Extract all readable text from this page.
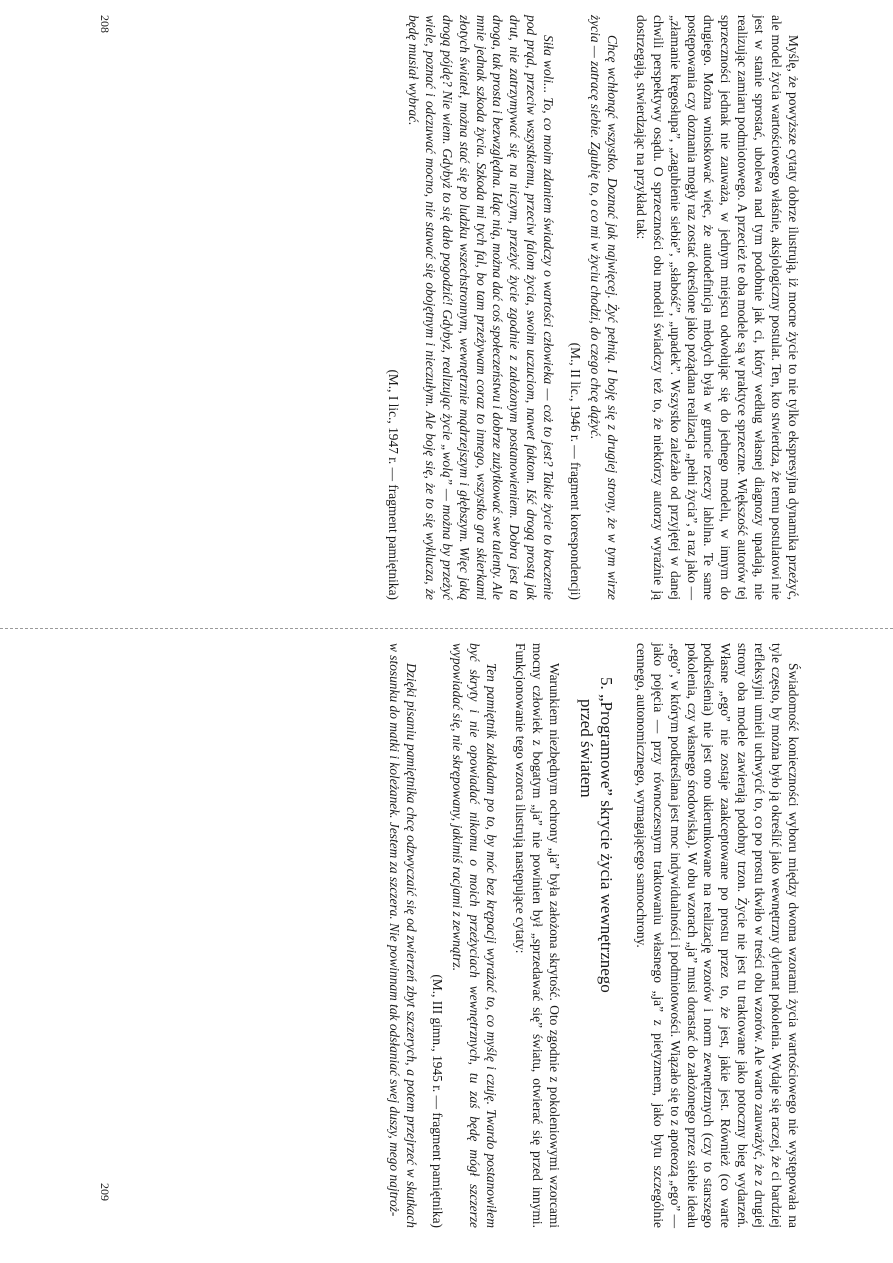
Myślę, że powyższe cytaty dobrze ilustrują, iż mocne życie to nie tylko ekspresyjna dynamika przeżyć, ale model życia wartościowego właśnie, aksjologiczny postulat. Ten, kto stwierdza, że temu postulatowi nie jest w stanie sprostać, ubolewa nad tym podobnie jak ci, który według własnej diagnozy upadają, nie realizując zamiaru podmiotowego. A przecież te oba modele są w praktyce sprzeczne. Większość autorów tej sprzeczności jednak nie zauważa, w jednym miejscu odwołując się do jednego modelu, w innym do drugiego. Można wnioskować więc, że autodefinicja młodych była w gruncie rzeczy labilna. Te same postępowania czy doznania mogły raz zostać określone jako pożądana realizacja „pełni życia”, a raz jako — „złamanie kręgosłupa”, „zagubienie siebie”, „słabość”, „upadek”. Wszystko zależało od przyjętej w danej chwili perspektywy osądu. O sprzeczności obu modeli świadczy też to, że niektórzy autorzy wyraźnie ją dostrzegają, stwierdzając na przykład tak:

Chcę wchłonąć wszystko. Doznać jak najwięcej. Żyć pełnią. I boję się z drugiej strony, że w tym wirze życia — zatracę siebie. Zgubię to, o co mi w życiu chodzi, do czego chcę dążyć.

(M., II lic., 1946 r. — fragment korespondencji)

Siła woli... To, co moim zdaniem świadczy o wartości człowieka — coż to jest? Takie życie to kroczenie pod prąd, przeciw wszystkiemu, przeciw falom życia, swoim uczuciom, nawet faktom. Iść drogą prostą jak drut, nie zatrzymywać się na niczym, przeżyć życie zgodnie z założonym postanowieniem. Dobra jest ta droga, tak prosta i bezwzględna. Idąc nią, można dać coś społeczeństwu i dobrze zużytkować swe talenty. Ale mnie jednak szkoda życia. Szkoda mi tych fal, bo tam przeżywam coraz to innego, wszystko gra skierkami złotych świateł, można stać się po ludzku wszechstronnym, wewnętrznie mądrzejszym i głębszym. Więc jaką drogą pójdę? Nie wiem. Gdybyż to się dało pogodzić! Gdybyż, realizując życie „wolą” — można by przeżyć wiele, poznać i odczuwać mocno, nie stawać się obojętnym i nieczułym. Ale boję się, że to się wyklucza, że będę musiał wybrać.

(M., I lic., 1947 r. — fragment pamiętnika)

208

Świadomość konieczności wyboru między dwoma wzorami życia wartościowego nie występowała na tyle często, by można było ją określić jako wewnętrzny dylemat pokolenia. Wydaje się raczej, że ci bardziej refleksyjni umieli uchwycić to, co po prostu tkwiło w treści obu wzorów. Ale warto zauważyć, że z drugiej strony oba modele zawierają podobny trzon. Życie nie jest tu traktowane jako potoczny bieg wydarzeń. Własne „ego” nie zostaje zaakceptowane po prostu przez to, że jest, jakie jest. Również (co warte podkreślenia) nie jest ono ukierunkowane na realizację wzorów i norm zewnętrznych (czy to starszego pokolenia, czy własnego środowiska). W obu wzorach „ja” musi dorastać do założonego przez siebie ideału „ego”, w którym podkreślana jest moc indywidualności i podmiotowości. Wiązało się to z apoteozą „ego” — jako pojęcia — przy równoczesnym traktowaniu własnego „ja” z pietyzmem, jako bytu szczególnie cennego, autonomicznego, wymagającego samoochrony.

5. „Programowe” skrycie życia wewnętrznego
przed światem

Warunkiem niezbędnym ochrony „ja” była założona skrytość. Oto zgodnie z pokoleniowymi wzorcami mocny człowiek z bogatym „ja” nie powinien był „sprzedawać się” światu, otwierać się przed innymi. Funkcjonowanie tego wzorca ilustrują następujące cytaty:

Ten pamiętnik zakładam po to, by móc bez krępacji wyrażać to, co myślę i czuję. Twardo postanowiłem być skryty i nie opowiadać nikomu o moich przeżyciach wewnętrznych, tu zaś będę mógł szczerze wypowiadać się, nie skrępowany, jakimiś racjami z zewnątrz.

(M., III gimn., 1945 r. — fragment pamiętnika)

Dzięki pisaniu pamiętnika chcę odzwyczaić się od zwierzeń zbyt szczerych, a potem przejrzeć w skutkach w stosunku do matki i koleżanek. Jestem za szczera. Nie powinnam tak odsłaniać swej duszy, mego najtroż-

209
